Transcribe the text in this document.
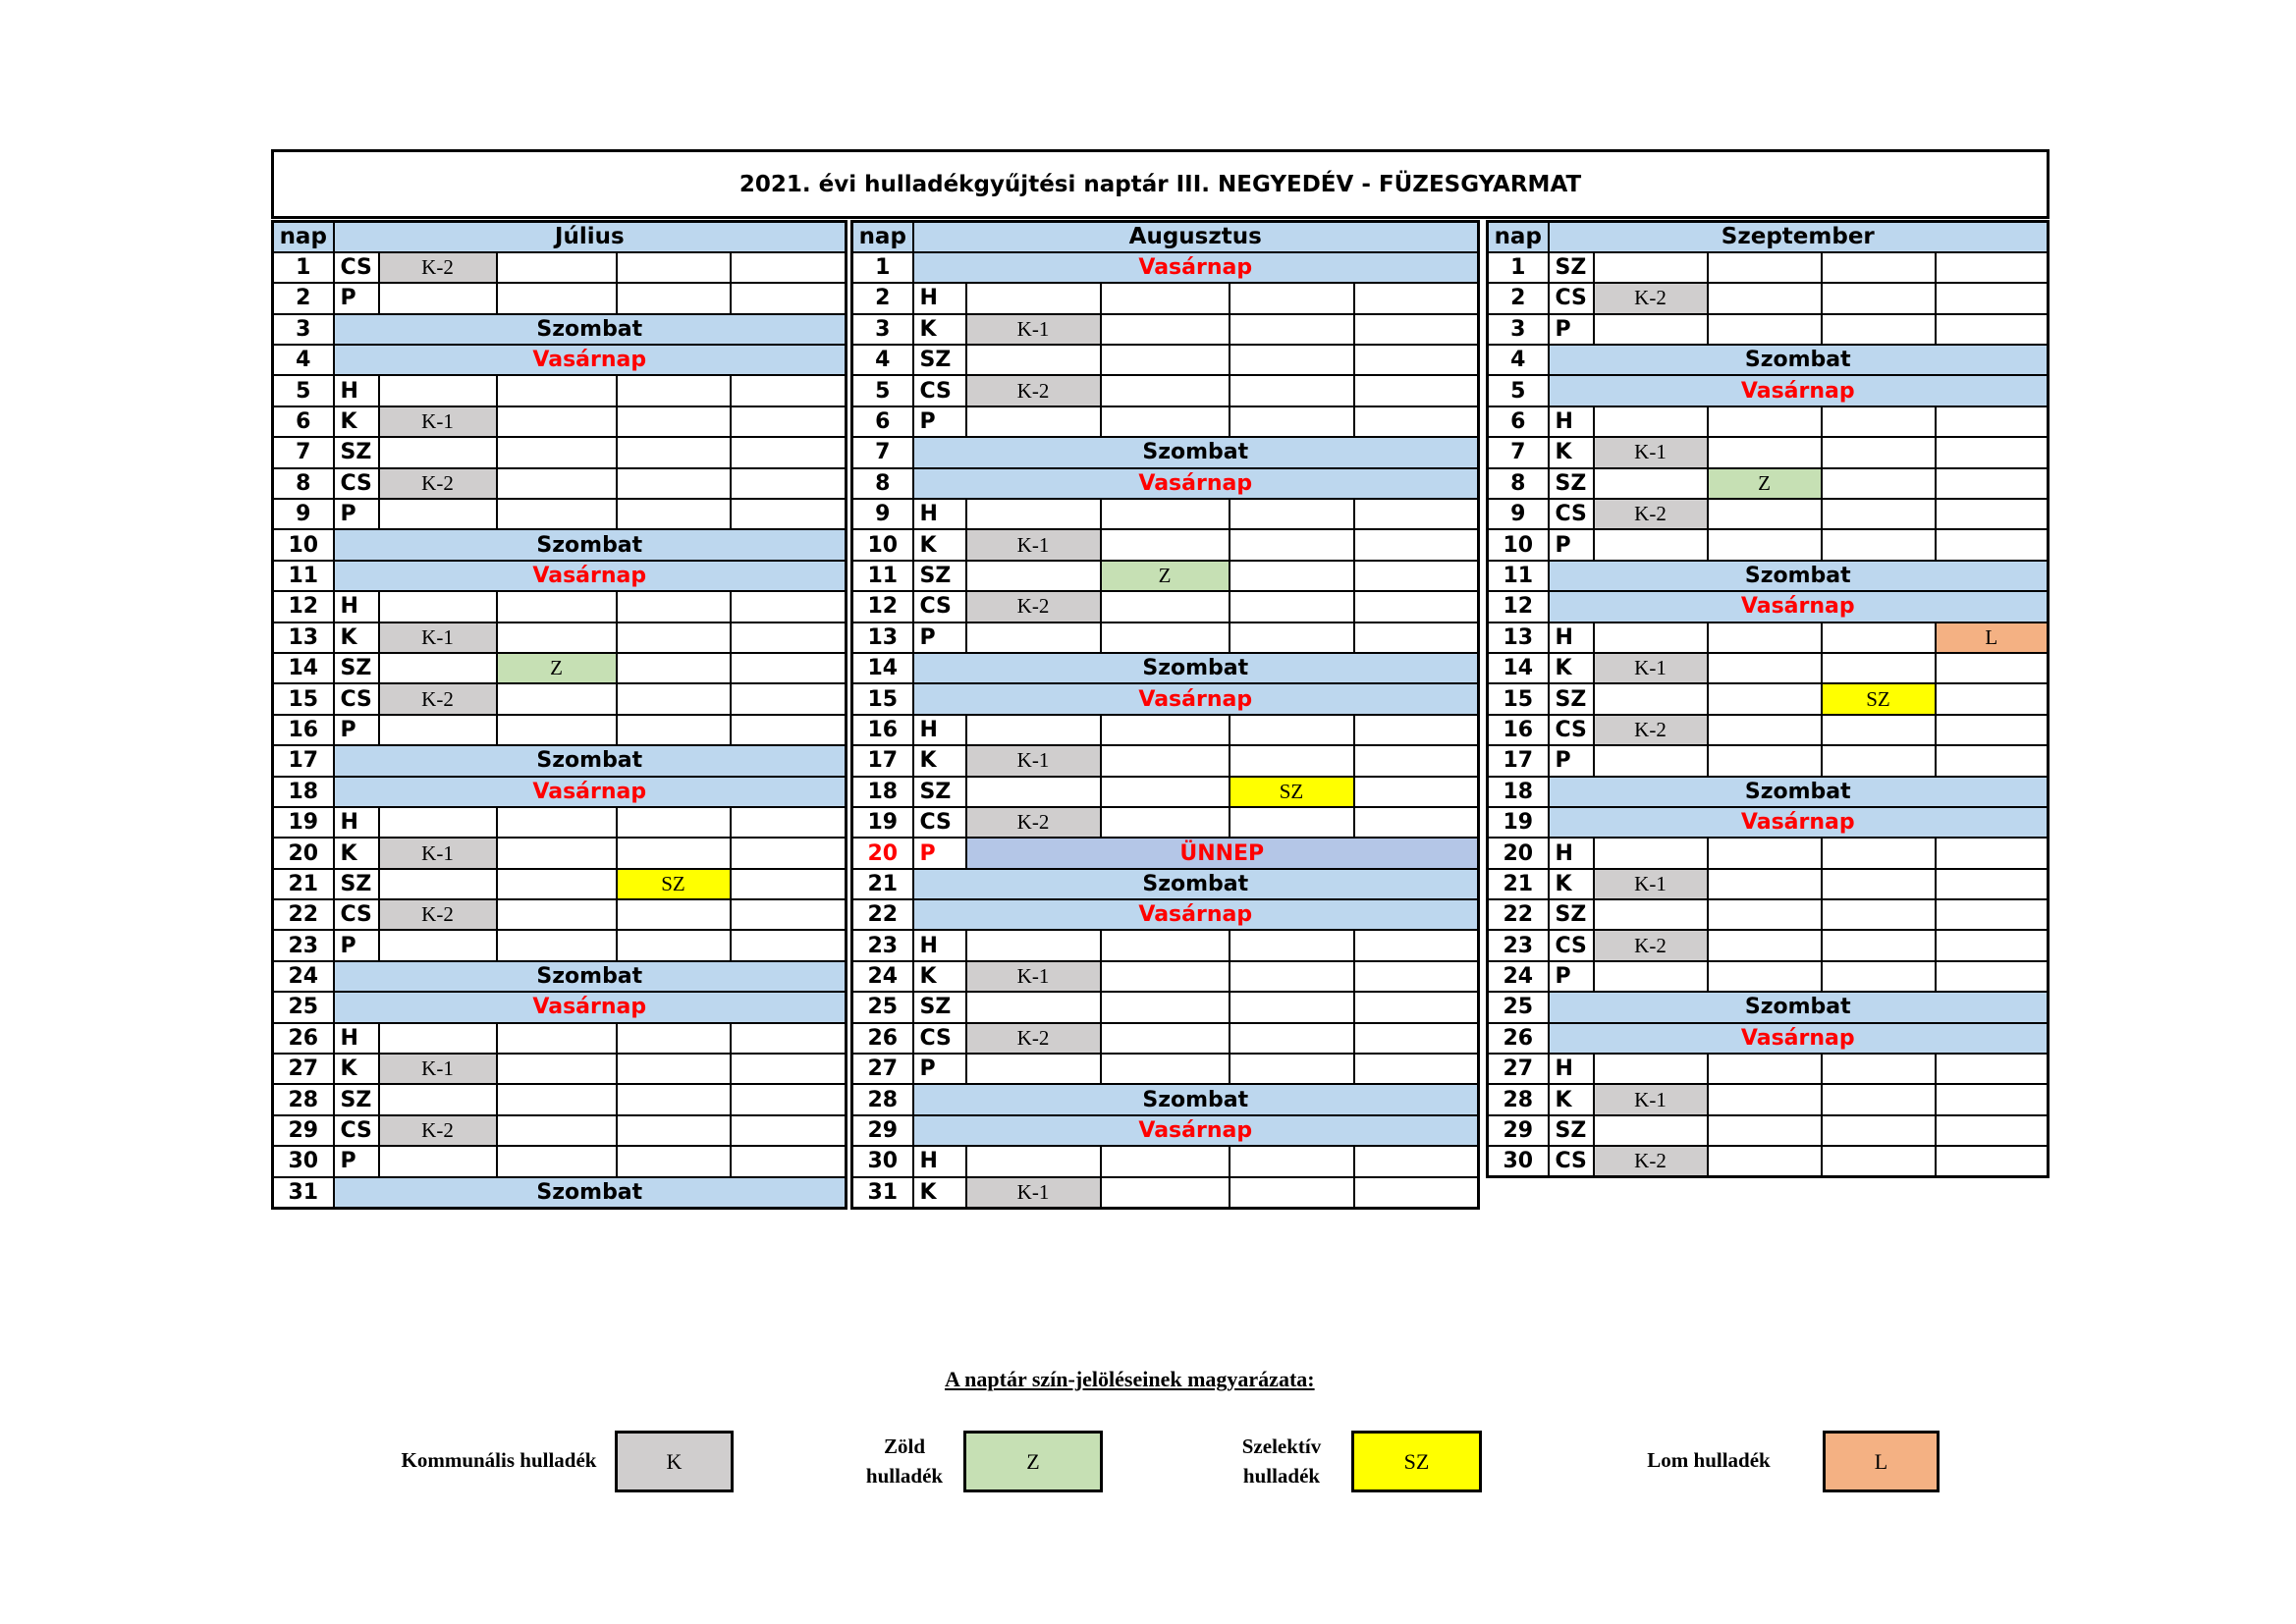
2021. évi hulladékgyűjtési naptár III. NEGYEDÉV - FÜZESGYARMAT
nap	Július				
1	CS	K-2			
2	P				
3	Szombat				
4	Vasárnap				
5	H				
6	K	K-1			
7	SZ				
8	CS	K-2			
9	P				
10	Szombat				
11	Vasárnap				
12	H				
13	K	K-1			
14	SZ		Z		
15	CS	K-2			
16	P				
17	Szombat				
18	Vasárnap				
19	H				
20	K	K-1			
21	SZ			SZ	
22	CS	K-2			
23	P				
24	Szombat				
25	Vasárnap				
26	H				
27	K	K-1			
28	SZ				
29	CS	K-2			
30	P				
31	Szombat				
nap	Augusztus				
1	Vasárnap				
2	H				
3	K	K-1			
4	SZ				
5	CS	K-2			
6	P				
7	Szombat				
8	Vasárnap				
9	H				
10	K	K-1			
11	SZ		Z		
12	CS	K-2			
13	P				
14	Szombat				
15	Vasárnap				
16	H				
17	K	K-1			
18	SZ			SZ	
19	CS	K-2			
20	P	ÜNNEP			
21	Szombat				
22	Vasárnap				
23	H				
24	K	K-1			
25	SZ				
26	CS	K-2			
27	P				
28	Szombat				
29	Vasárnap				
30	H				
31	K	K-1			
nap	Szeptember				
1	SZ				
2	CS	K-2			
3	P				
4	Szombat				
5	Vasárnap				
6	H				
7	K	K-1			
8	SZ		Z		
9	CS	K-2			
10	P				
11	Szombat				
12	Vasárnap				
13	H				L
14	K	K-1			
15	SZ			SZ	
16	CS	K-2			
17	P				
18	Szombat				
19	Vasárnap				
20	H				
21	K	K-1			
22	SZ				
23	CS	K-2			
24	P				
25	Szombat				
26	Vasárnap				
27	H				
28	K	K-1			
29	SZ				
30	CS	K-2			
A naptár szín-jelöléseinek magyarázata:
Kommunális hulladék	K
Zöld hulladék
Z
Szelektív hulladék
SZ	Lom hulladék	L
